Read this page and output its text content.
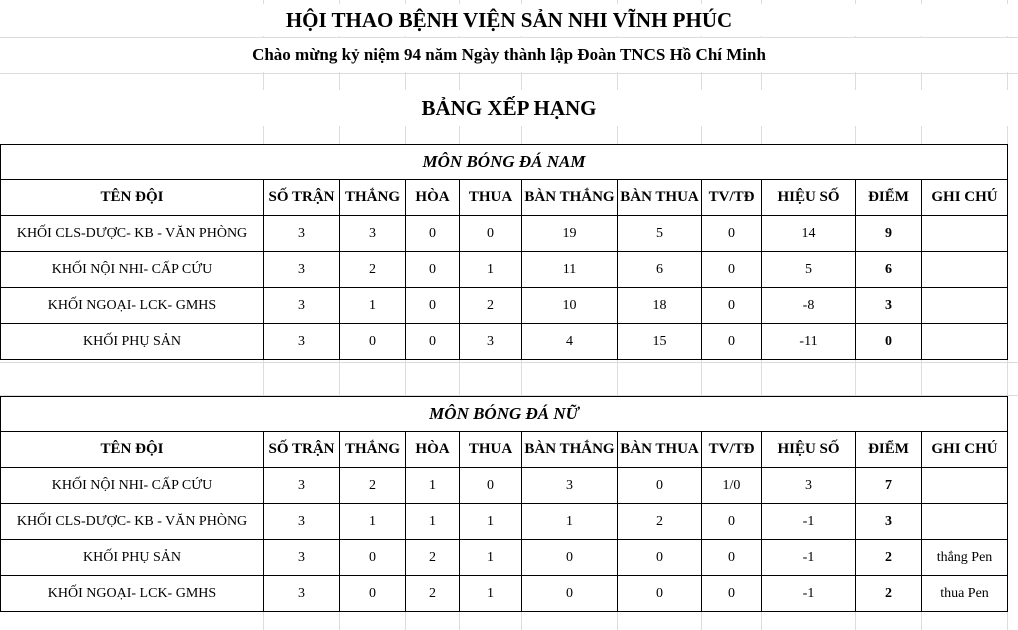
HỘI THAO BỆNH VIỆN SẢN NHI VĨNH PHÚC
Chào mừng kỷ niệm 94 năm Ngày thành lập Đoàn TNCS Hồ Chí Minh
BẢNG XẾP HẠNG
MÔN BÓNG ĐÁ NAM										
TÊN ĐỘI	SỐ TRẬN	THẮNG	HÒA	THUA	BÀN THẮNG	BÀN THUA	TV/TĐ	HIỆU SỐ	ĐIỂM	GHI CHÚ
KHỐI CLS-DƯỢC- KB - VĂN PHÒNG	3	3	0	0	19	5	0	14	9	
KHỐI NỘI NHI- CẤP CỨU	3	2	0	1	11	6	0	5	6	
KHỐI NGOẠI- LCK- GMHS	3	1	0	2	10	18	0	-8	3	
KHỐI PHỤ SẢN	3	0	0	3	4	15	0	-11	0	
MÔN BÓNG ĐÁ NỮ										
TÊN ĐỘI	SỐ TRẬN	THẮNG	HÒA	THUA	BÀN THẮNG	BÀN THUA	TV/TĐ	HIỆU SỐ	ĐIỂM	GHI CHÚ
KHỐI NỘI NHI- CẤP CỨU	3	2	1	0	3	0	1/0	3	7	
KHỐI CLS-DƯỢC- KB - VĂN PHÒNG	3	1	1	1	1	2	0	-1	3	
KHỐI PHỤ SẢN	3	0	2	1	0	0	0	-1	2	thắng Pen
KHỐI NGOẠI- LCK- GMHS	3	0	2	1	0	0	0	-1	2	thua Pen
